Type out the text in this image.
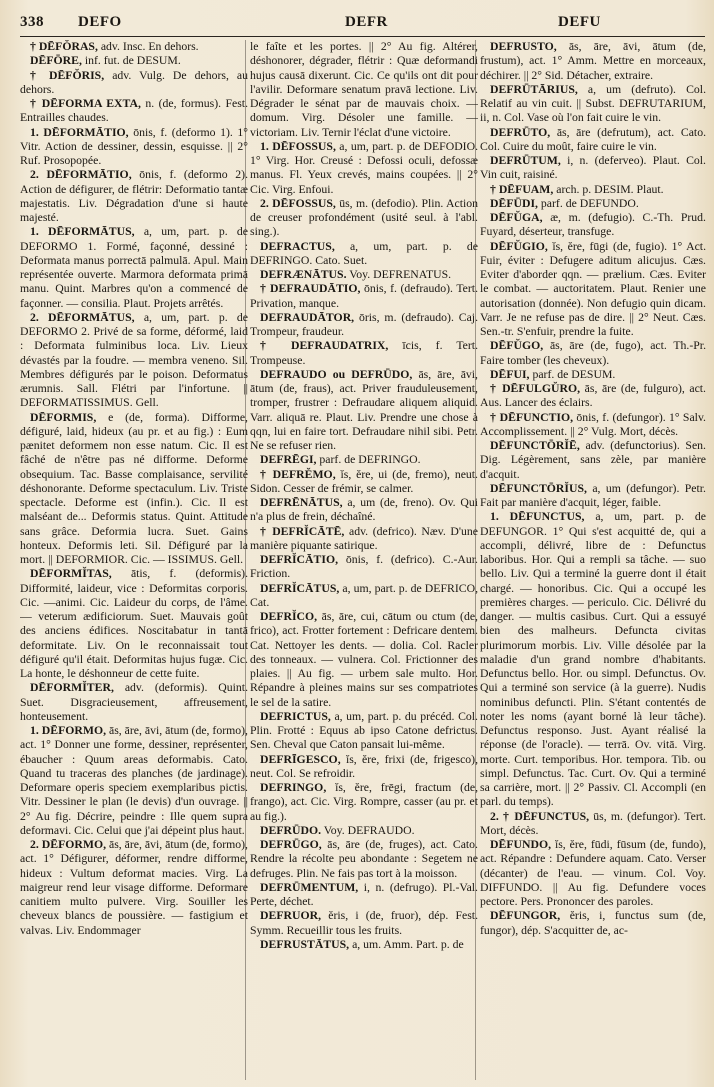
338 DEFO	DEFR	DEFU

† DĒFŎRAS, adv. Insc. En dehors.

DĒFŌRE, inf. fut. de DESUM.

† DĒFŎRIS, adv. Vulg. De dehors, au dehors.

† DĒFORMA EXTA, n. (de, formus). Fest. Entrailles chaudes.

1. DĒFORMĀTIO, ōnis, f. (deformo 1). 1° Vitr. Action de dessiner, dessin, esquisse. || 2° Ruf. Prosopopée.

2. DĒFORMĀTIO, ōnis, f. (deformo 2). Action de défigurer, de flétrir: Deformatio tantæ majestatis. Liv. Dégradation d'une si haute majesté.

1. DĒFORMĀTUS, a, um, part. p. de DEFORMO 1. Formé, façonné, dessiné : Deformata manus porrectā palmulā. Apul. Main représentée ouverte. Marmora deformata primā manu. Quint. Marbres qu'on a commencé de façonner. — consilia. Plaut. Projets arrêtés.

2. DĒFORMĀTUS, a, um, part. p. de DEFORMO 2. Privé de sa forme, déformé, laid : Deformata fulminibus loca. Liv. Lieux dévastés par la foudre. — membra veneno. Sil. Membres défigurés par le poison. Deformatus ærumnis. Sall. Flétri par l'infortune. || DEFORMATISSIMUS. Gell.

DĒFORMIS, e (de, forma). Difforme, défiguré, laid, hideux (au pr. et au fig.) : Eum pænitet deformem non esse natum. Cic. Il est fâché de n'être pas né difforme. Deforme obsequium. Tac. Basse complaisance, servilité déshonorante. Deforme spectaculum. Liv. Triste spectacle. Deforme est (infin.). Cic. Il est malséant de... Deformis status. Quint. Attitude sans grâce. Deformia lucra. Suet. Gains honteux. Deformis leti. Sil. Défiguré par la mort. || DEFORMIOR. Cic. — ISSIMUS. Gell.

DĒFORMĬTAS, ātis, f. (deformis). Difformité, laideur, vice : Deformitas corporis. Cic. —animi. Cic. Laideur du corps, de l'âme. — veterum ædificiorum. Suet. Mauvais goût des anciens édifices. Noscitabatur in tantā deformitate. Liv. On le reconnaissait tout défiguré qu'il était. Deformitas hujus fugæ. Cic. La honte, le déshonneur de cette fuite.

DĒFORMĬTER, adv. (deformis). Quint. Suet. Disgracieusement, affreusement, honteusement.

1. DĒFORMO, ās, āre, āvi, ātum (de, formo), act. 1° Donner une forme, dessiner, représenter, ébaucher : Quum areas deformabis. Cato. Quand tu traceras des planches (de jardinage). Deformare operis speciem exemplaribus pictis. Vitr. Dessiner le plan (le devis) d'un ouvrage. || 2° Au fig. Décrire, peindre : Ille quem supra deformavi. Cic. Celui que j'ai dépeint plus haut.

2. DĒFORMO, ās, āre, āvi, ātum (de, formo), act. 1° Défigurer, déformer, rendre difforme, hideux : Vultum deformat macies. Virg. La maigreur rend leur visage difforme. Deformare canitiem multo pulvere. Virg. Souiller les cheveux blancs de poussière. — fastigium et valvas. Liv. Endommager

le faîte et les portes. || 2° Au fig. Altérer, déshonorer, dégrader, flétrir : Quæ deformandi hujus causā dixerunt. Cic. Ce qu'ils ont dit pour l'avilir. Deformare senatum pravā lectione. Liv. Dégrader le sénat par de mauvais choix. — domum. Virg. Désoler une famille. — victoriam. Liv. Ternir l'éclat d'une victoire.

1. DĒFOSSUS, a, um, part. p. de DEFODIO. 1° Virg. Hor. Creusé : Defossi oculi, defossæ manus. Fl. Yeux crevés, mains coupées. || 2° Cic. Virg. Enfoui.

2. DĒFOSSUS, ūs, m. (defodio). Plin. Action de creuser profondément (usité seul. à l'abl. sing.).

DEFRACTUS, a, um, part. p. de DEFRINGO. Cato. Suet.

DEFRÆNĀTUS. Voy. DEFRENATUS.

† DEFRAUDĀTIO, ōnis, f. (defraudo). Tert. Privation, manque.

DEFRAUDĀTOR, ōris, m. (defraudo). Caj. Trompeur, fraudeur.

† DEFRAUDATRIX, īcis, f. Tert. Trompeuse.

DEFRAUDO ou DEFRŪDO, ās, āre, āvi, ātum (de, fraus), act. Priver frauduleusement, tromper, frustrer : Defraudare aliquem aliquid. Varr. aliquā re. Plaut. Liv. Prendre une chose à qqn, lui en faire tort. Defraudare nihil sibi. Petr. Ne se refuser rien.

DEFRĒGI, parf. de DEFRINGO.

† DEFRĔMO, ĭs, ĕre, ui (de, fremo), neut. Sidon. Cesser de frémir, se calmer.

DEFRĒNĀTUS, a, um (de, freno). Ov. Qui n'a plus de frein, déchaîné.

† DEFRĬCĀTĒ, adv. (defrico). Næv. D'une manière piquante satirique.

DEFRĬCĀTIO, ōnis, f. (defrico). C.-Aur. Friction.

DEFRĬCĀTUS, a, um, part. p. de DEFRICO, Cat.

DEFRĬCO, ās, āre, cui, cātum ou ctum (de, frico), act. Frotter fortement : Defricare dentem. Cat. Nettoyer les dents. — dolia. Col. Racler des tonneaux. — vulnera. Col. Frictionner des plaies. || Au fig. — urbem sale multo. Hor. Répandre à pleines mains sur ses compatriotes le sel de la satire.

DEFRICTUS, a, um, part. p. du précéd. Col. Plin. Frotté : Equus ab ipso Catone defrictus. Sen. Cheval que Caton pansait lui-même.

DEFRĪGESCO, ĭs, ĕre, frixi (de, frigesco), neut. Col. Se refroidir.

DEFRINGO, ĭs, ĕre, frēgi, fractum (de, frango), act. Cic. Virg. Rompre, casser (au pr. et au fig.).

DEFRŪDO. Voy. DEFRAUDO.

DEFRŪGO, ās, āre (de, fruges), act. Cato. Rendre la récolte peu abondante : Segetem ne defruges. Plin. Ne fais pas tort à la moisson.

DEFRŪMENTUM, i, n. (defrugo). Pl.-Val. Perte, déchet.

DEFRUOR, ĕris, i (de, fruor), dép. Fest. Symm. Recueillir tous les fruits.

DEFRUSTĀTUS, a, um. Amm. Part. p. de

DEFRUSTO, ās, āre, āvi, ātum (de, frustum), act. 1° Amm. Mettre en morceaux, déchirer. || 2° Sid. Détacher, extraire.

DEFRŪTĀRIUS, a, um (defruto). Col. Relatif au vin cuit. || Subst. DEFRUTARIUM, ii, n. Col. Vase où l'on fait cuire le vin.

DEFRŪTO, ās, āre (defrutum), act. Cato. Col. Cuire du moût, faire cuire le vin.

DEFRŪTUM, i, n. (deferveo). Plaut. Col. Vin cuit, raisiné.

† DĒFUAM, arch. p. DESIM. Plaut.

DĒFŪDI, parf. de DEFUNDO.

DĒFŬGA, æ, m. (defugio). C.-Th. Prud. Fuyard, déserteur, transfuge.

DĒFŬGIO, ĭs, ĕre, fūgi (de, fugio). 1° Act. Fuir, éviter : Defugere aditum alicujus. Cæs. Eviter d'aborder qqn. — prælium. Cæs. Eviter le combat. — auctoritatem. Plaut. Renier une autorisation (donnée). Non defugio quin dicam. Varr. Je ne refuse pas de dire. || 2° Neut. Cæs. Sen.-tr. S'enfuir, prendre la fuite.

DĒFŬGO, ās, āre (de, fugo), act. Th.-Pr. Faire tomber (les cheveux).

DĒFUI, parf. de DESUM.

† DĒFULGŬRO, ās, āre (de, fulguro), act. Aus. Lancer des éclairs.

† DĒFUNCTIO, ōnis, f. (defungor). 1° Salv. Accomplissement. || 2° Vulg. Mort, décès.

DĒFUNCTŌRĬĒ, adv. (defunctorius). Sen. Dig. Légèrement, sans zèle, par manière d'acquit.

DĒFUNCTŌRĬUS, a, um (defungor). Petr. Fait par manière d'acquit, léger, faible.

1. DĒFUNCTUS, a, um, part. p. de DEFUNGOR. 1° Qui s'est acquitté de, qui a accompli, délivré, libre de : Defunctus laboribus. Hor. Qui a rempli sa tâche. — suo bello. Liv. Qui a terminé la guerre dont il était chargé. — honoribus. Cic. Qui a occupé les premières charges. — periculo. Cic. Délivré du danger. — multis casibus. Curt. Qui a essuyé bien des malheurs. Defuncta civitas plurimorum morbis. Liv. Ville désolée par la maladie d'un grand nombre d'habitants. Defunctus bello. Hor. ou simpl. Defunctus. Ov. Qui a terminé son service (à la guerre). Nudis nominibus defuncti. Plin. S'étant contentés de noter les noms (ayant borné là leur tâche). Defunctus responso. Just. Ayant réalisé la réponse (de l'oracle). — terrā. Ov. vitā. Virg. morte. Curt. temporibus. Hor. tempora. Tib. ou simpl. Defunctus. Tac. Curt. Ov. Qui a terminé sa carrière, mort. || 2° Passiv. Cl. Accompli (en parl. du temps).

2. † DĒFUNCTUS, ūs, m. (defungor). Tert. Mort, décès.

DĒFUNDO, ĭs, ĕre, fūdi, fūsum (de, fundo), act. Répandre : Defundere aquam. Cato. Verser (décanter) de l'eau. — vinum. Col. Voy. DIFFUNDO. || Au fig. Defundere voces pectore. Pers. Prononcer des paroles.

DĒFUNGOR, ĕris, i, functus sum (de, fungor), dép. S'acquitter de, ac-
